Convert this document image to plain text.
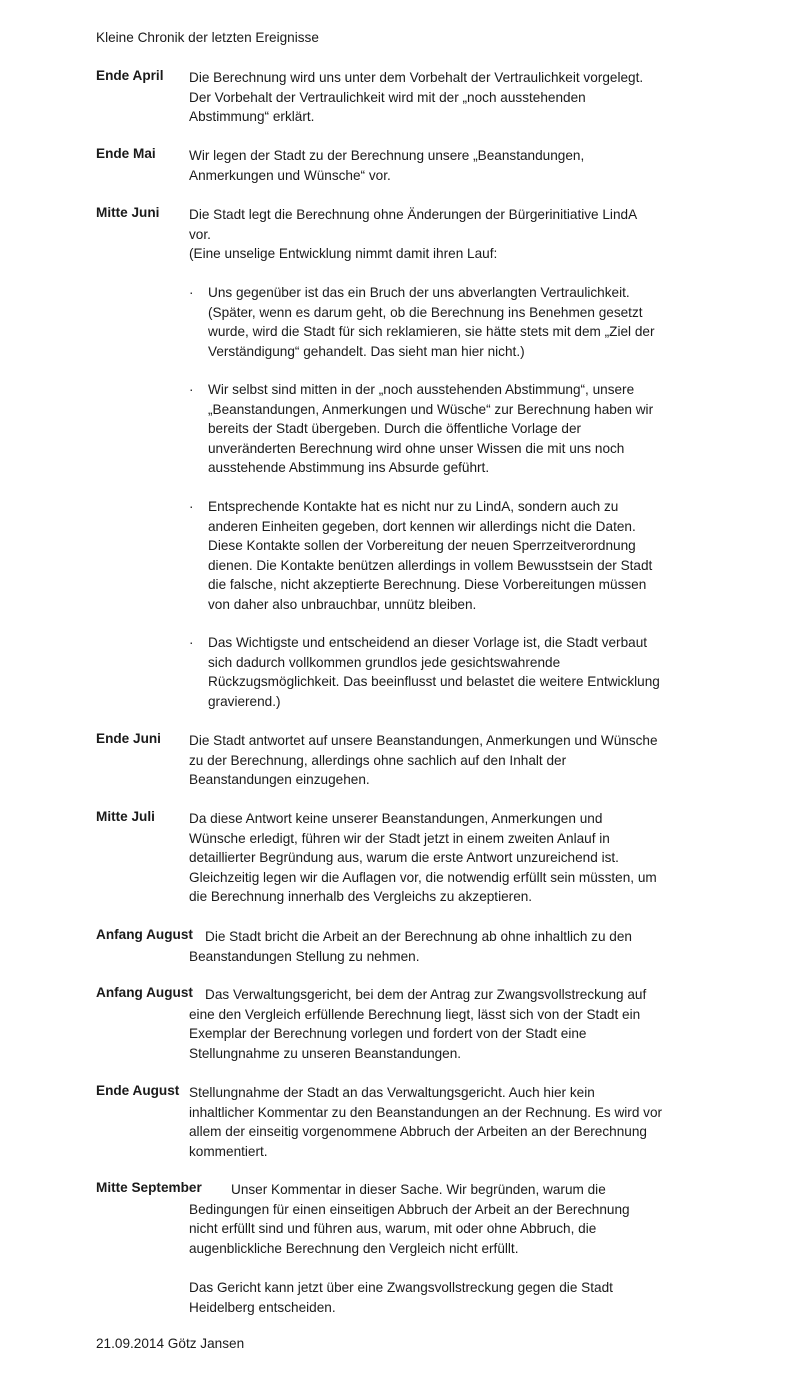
Kleine Chronik der letzten Ereignisse
Ende April Die Berechnung wird uns unter dem Vorbehalt der Vertraulichkeit vorgelegt.
Der Vorbehalt der Vertraulichkeit wird mit der „noch ausstehenden
Abstimmung“ erklärt.
Ende Mai Wir legen der Stadt zu der Berechnung unsere „Beanstandungen,
Anmerkungen und Wünsche“ vor.
Mitte Juni Die Stadt legt die Berechnung ohne Änderungen der Bürgerinitiative LindA
vor.
(Eine unselige Entwicklung nimmt damit ihren Lauf:
· Uns gegenüber ist das ein Bruch der uns abverlangten Vertraulichkeit.
(Später, wenn es darum geht, ob die Berechnung ins Benehmen gesetzt
wurde, wird die Stadt für sich reklamieren, sie hätte stets mit dem „Ziel der
Verständigung“ gehandelt. Das sieht man hier nicht.)
· Wir selbst sind mitten in der „noch ausstehenden Abstimmung“, unsere
„Beanstandungen, Anmerkungen und Wüsche“ zur Berechnung haben wir
bereits der Stadt übergeben. Durch die öffentliche Vorlage der
unveränderten Berechnung wird ohne unser Wissen die mit uns noch
ausstehende Abstimmung ins Absurde geführt.
· Entsprechende Kontakte hat es nicht nur zu LindA, sondern auch zu
anderen Einheiten gegeben, dort kennen wir allerdings nicht die Daten.
Diese Kontakte sollen der Vorbereitung der neuen Sperrzeitverordnung
dienen. Die Kontakte benützen allerdings in vollem Bewusstsein der Stadt
die falsche, nicht akzeptierte Berechnung. Diese Vorbereitungen müssen
von daher also unbrauchbar, unnütz bleiben.
· Das Wichtigste und entscheidend an dieser Vorlage ist, die Stadt verbaut
sich dadurch vollkommen grundlos jede gesichtswahrende
Rückzugsmöglichkeit. Das beeinflusst und belastet die weitere Entwicklung
gravierend.)
Ende Juni Die Stadt antwortet auf unsere Beanstandungen, Anmerkungen und Wünsche
zu der Berechnung, allerdings ohne sachlich auf den Inhalt der
Beanstandungen einzugehen.
Mitte Juli	Da diese Antwort keine unserer Beanstandungen, Anmerkungen und
Wünsche erledigt, führen wir der Stadt jetzt in einem zweiten Anlauf in
detaillierter Begründung aus, warum die erste Antwort unzureichend ist.
Gleichzeitig legen wir die Auflagen vor, die notwendig erfüllt sein müssten, um
die Berechnung innerhalb des Vergleichs zu akzeptieren.
Anfang August Die Stadt bricht die Arbeit an der Berechnung ab ohne inhaltlich zu den
Beanstandungen Stellung zu nehmen.
Anfang August Das Verwaltungsgericht, bei dem der Antrag zur Zwangsvollstreckung auf
eine den Vergleich erfüllende Berechnung liegt, lässt sich von der Stadt ein
Exemplar der Berechnung vorlegen und fordert von der Stadt eine
Stellungnahme zu unseren Beanstandungen.
Ende August Stellungnahme der Stadt an das Verwaltungsgericht. Auch hier kein
inhaltlicher Kommentar zu den Beanstandungen an der Rechnung. Es wird vor
allem der einseitig vorgenommene Abbruch der Arbeiten an der Berechnung
kommentiert.
Mitte September	Unser Kommentar in dieser Sache. Wir begründen, warum die
Bedingungen für einen einseitigen Abbruch der Arbeit an der Berechnung
nicht erfüllt sind und führen aus, warum, mit oder ohne Abbruch, die
augenblickliche Berechnung den Vergleich nicht erfüllt.
Das Gericht kann jetzt über eine Zwangsvollstreckung gegen die Stadt
Heidelberg entscheiden.
21.09.2014 Götz Jansen
